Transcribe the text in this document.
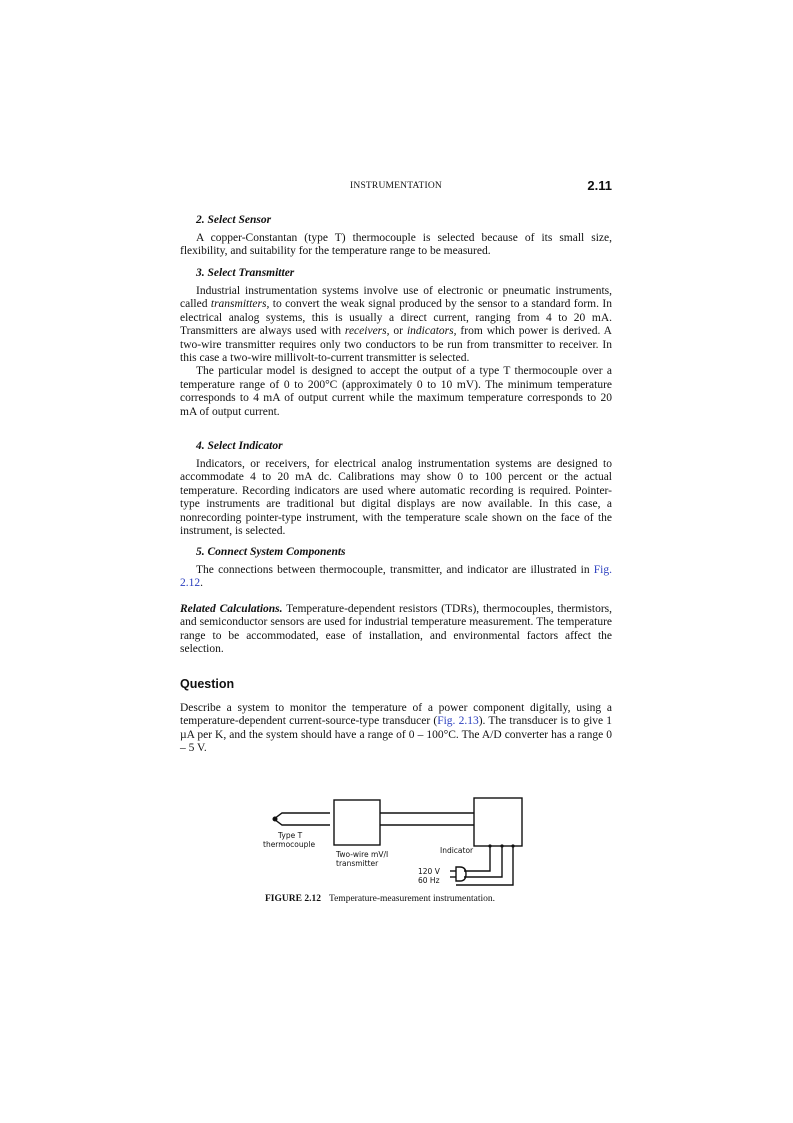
INSTRUMENTATION	2.11
2. Select Sensor

A copper-Constantan (type T) thermocouple is selected because of its small size, flexibility, and suitability for the temperature range to be measured.

3. Select Transmitter

Industrial instrumentation systems involve use of electronic or pneumatic instruments, called transmitters, to convert the weak signal produced by the sensor to a standard form. In electrical analog systems, this is usually a direct current, ranging from 4 to 20 mA. Transmitters are always used with receivers, or indicators, from which power is derived. A two-wire transmitter requires only two conductors to be run from transmitter to receiver. In this case a two-wire millivolt-to-current transmitter is selected.

The particular model is designed to accept the output of a type T thermocouple over a temperature range of 0 to 200°C (approximately 0 to 10 mV). The minimum temperature corresponds to 4 mA of output current while the maximum temperature corresponds to 20 mA of output current.

4. Select Indicator

Indicators, or receivers, for electrical analog instrumentation systems are designed to accommodate 4 to 20 mA dc. Calibrations may show 0 to 100 percent or the actual temperature. Recording indicators are used where automatic recording is required. Pointer-type instruments are traditional but digital displays are now available. In this case, a nonrecording pointer-type instrument, with the temperature scale shown on the face of the instrument, is selected.

5. Connect System Components

The connections between thermocouple, transmitter, and indicator are illustrated in Fig. 2.12.

Related Calculations. Temperature-dependent resistors (TDRs), thermocouples, thermistors, and semiconductor sensors are used for industrial temperature measurement. The temperature range to be accommodated, ease of installation, and environmental factors affect the selection.

Question

Describe a system to monitor the temperature of a power component digitally, using a temperature-dependent current-source-type transducer (Fig. 2.13). The transducer is to give 1 µA per K, and the system should have a range of 0 – 100°C. The A/D converter has a range 0 – 5 V.

Type T
thermocouple
Two-wire mV/I
transmitter
Indicator
120 V
60 Hz
FIGURE 2.12 Temperature-measurement instrumentation.
